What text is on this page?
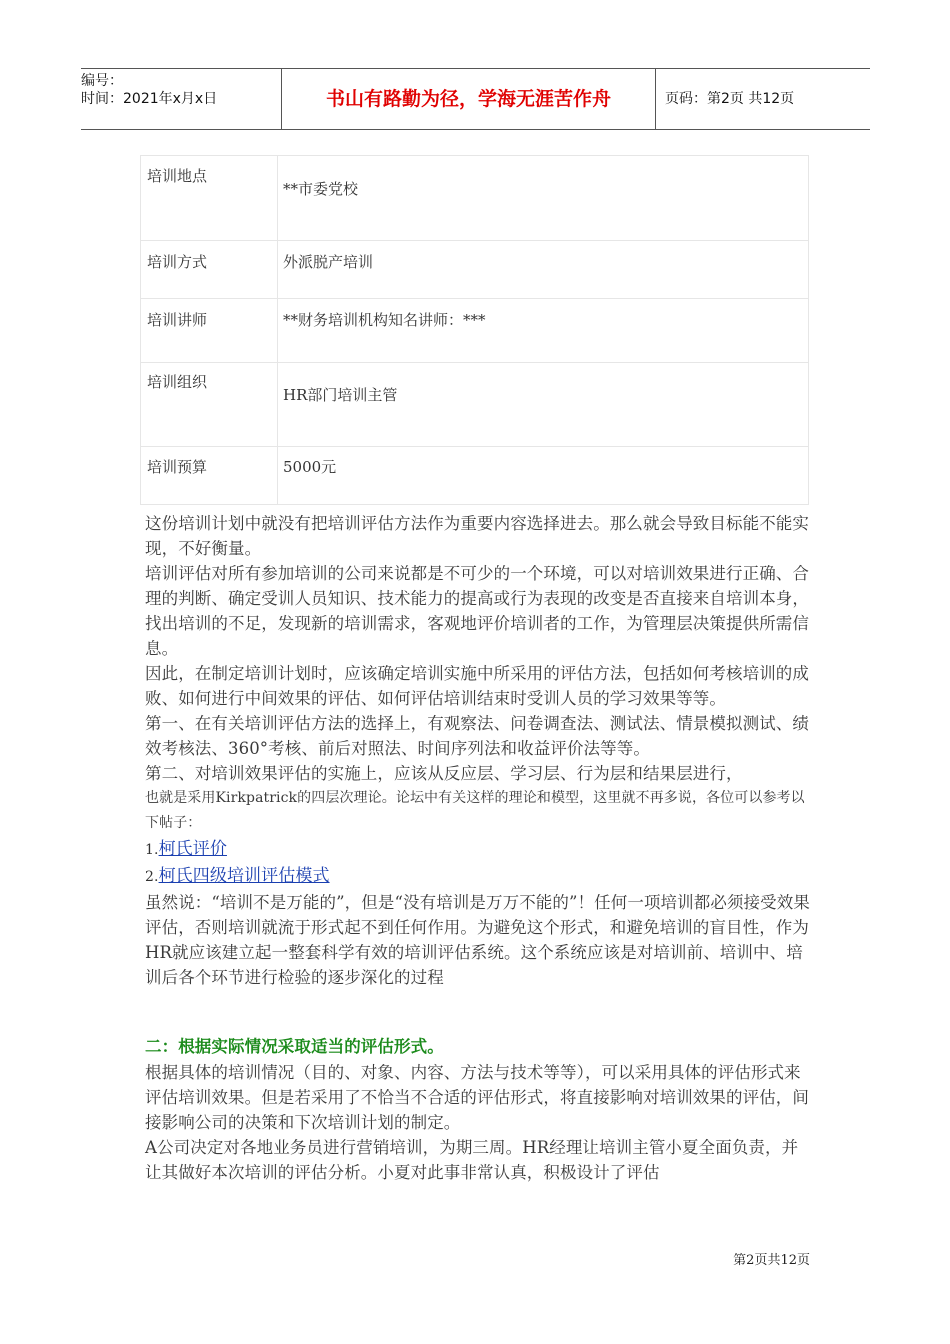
编号：
时间：2021年x月x日	书山有路勤为径，学海无涯苦作舟	页码：第2页 共12页
培训地点	**市委党校

培训方式	外派脱产培训

培训讲师	**财务培训机构知名讲师：***

培训组织	HR部门培训主管

培训预算	5000元

这份培训计划中就没有把培训评估方法作为重要内容选择进去。那么就会导致目标能不能实现，不好衡量。

培训评估对所有参加培训的公司来说都是不可少的一个环境，可以对培训效果进行正确、合理的判断、确定受训人员知识、技术能力的提高或行为表现的改变是否直接来自培训本身，找出培训的不足，发现新的培训需求，客观地评价培训者的工作，为管理层决策提供所需信息。

因此，在制定培训计划时，应该确定培训实施中所采用的评估方法，包括如何考核培训的成败、如何进行中间效果的评估、如何评估培训结束时受训人员的学习效果等等。

第一、在有关培训评估方法的选择上，有观察法、问卷调查法、测试法、情景模拟测试、绩效考核法、360°考核、前后对照法、时间序列法和收益评价法等等。

第二、对培训效果评估的实施上，应该从反应层、学习层、行为层和结果层进行，

也就是采用Kirkpatrick的四层次理论。论坛中有关这样的理论和模型，这里就不再多说，各位可以参考以下帖子：

1.柯氏评价

2.柯氏四级培训评估模式

虽然说：“培训不是万能的”，但是“没有培训是万万不能的”！任何一项培训都必须接受效果评估，否则培训就流于形式起不到任何作用。为避免这个形式，和避免培训的盲目性，作为HR就应该建立起一整套科学有效的培训评估系统。这个系统应该是对培训前、培训中、培训后各个环节进行检验的逐步深化的过程

二：根据实际情况采取适当的评估形式。

根据具体的培训情况（目的、对象、内容、方法与技术等等），可以采用具体的评估形式来评估培训效果。但是若采用了不恰当不合适的评估形式，将直接影响对培训效果的评估，间接影响公司的决策和下次培训计划的制定。

A公司决定对各地业务员进行营销培训，为期三周。HR经理让培训主管小夏全面负责，并让其做好本次培训的评估分析。小夏对此事非常认真，积极设计了评估

第2页共12页
